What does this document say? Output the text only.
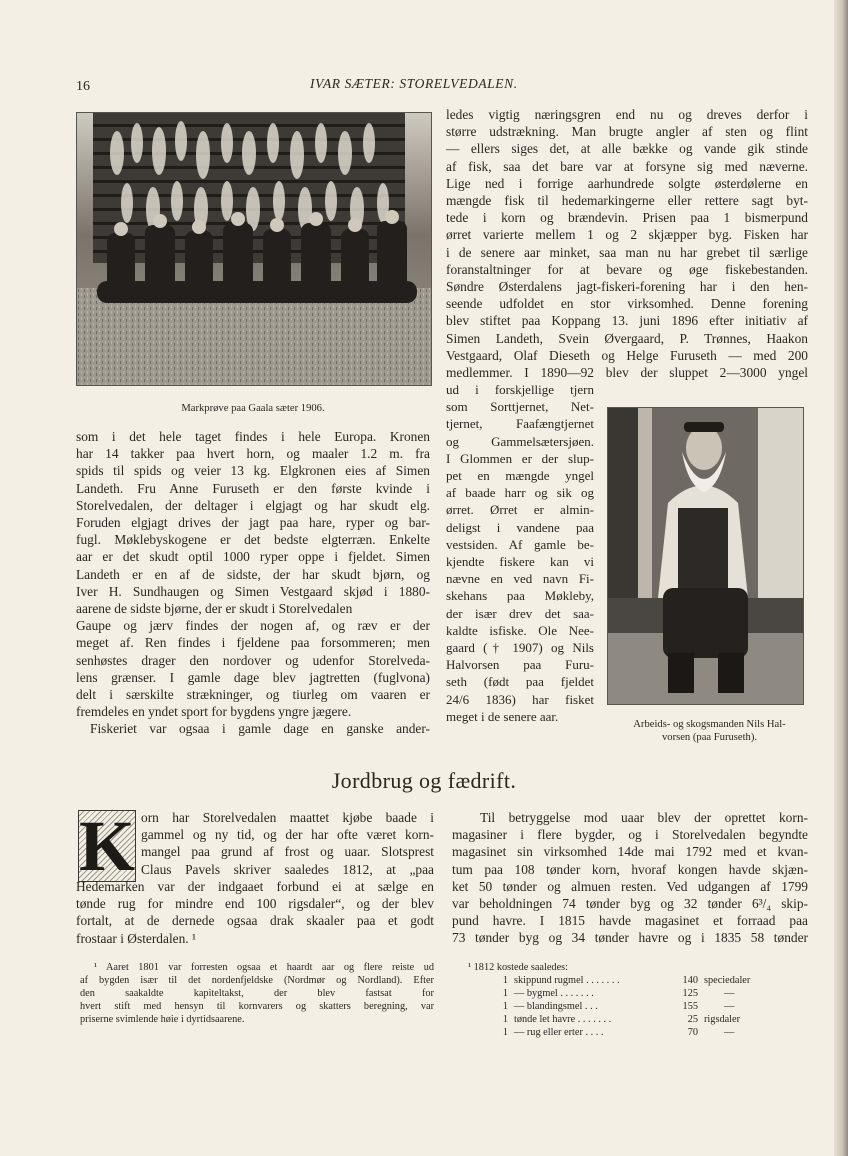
16	IVAR SÆTER: STORELVEDALEN.
Markprøve paa Gaala sæter 1906.
som i det hele taget findes i hele Europa. Kronen
har 14 takker paa hvert horn, og maaler 1.2 m. fra
spids til spids og veier 13 kg. Elgkronen eies af Simen
Landeth. Fru Anne Furuseth er den første kvinde i
Storelvedalen, der deltager i elgjagt og har skudt elg.
Foruden elgjagt drives der jagt paa hare, ryper og bar-
fugl. Møklebyskogene er det bedste elgterræn. Enkelte
aar er det skudt optil 1000 ryper oppe i fjeldet. Simen
Landeth er en af de sidste, der har skudt bjørn, og
Iver H. Sundhaugen og Simen Vestgaard skjød i 1880-
aarene de sidste bjørne, der er skudt i Storelvedalen
Gaupe og jærv findes der nogen af, og ræv er der
meget af. Ren findes i fjeldene paa forsommeren; men
senhøstes drager den nordover og udenfor Storelveda-
lens grænser. I gamle dage blev jagtretten (fuglvona)
delt i særskilte strækninger, og tiurleg om vaaren er
fremdeles en yndet sport for bygdens yngre jægere.
Fiskeriet var ogsaa i gamle dage en ganske ander-
ledes vigtig næringsgren end nu og dreves derfor i
større udstrækning. Man brugte angler af sten og flint
— ellers siges det, at alle bække og vande gik stinde
af fisk, saa det bare var at forsyne sig med næverne.
Lige ned i forrige aarhundrede solgte østerdølerne en
mængde fisk til hedemarkingerne eller rettere sagt byt-
tede i korn og brændevin. Prisen paa 1 bismerpund
ørret varierte mellem 1 og 2 skjæpper byg. Fisken har
i de senere aar minket, saa man nu har grebet til særlige
foranstaltninger for at bevare og øge fiskebestanden.
Søndre Østerdalens jagt-fiskeri-forening har i den hen-
seende udfoldet en stor virksomhed. Denne forening
blev stiftet paa Koppang 13. juni 1896 efter initiativ af
Simen Landeth, Svein Øvergaard, P. Trønnes, Haakon
Vestgaard, Olaf Dieseth og Helge Furuseth — med 200
medlemmer. I 1890—92 blev der sluppet 2—3000 yngel
ud i forskjellige tjern
som Sorttjernet, Net-
tjernet, Faafængtjernet
og Gammelsætersjøen.
I Glommen er der slup-
pet en mængde yngel
af baade harr og sik og
ørret. Ørret er almin-
deligst i vandene paa
vestsiden. Af gamle be-
kjendte fiskere kan vi
nævne en ved navn Fi-
skehans paa Møkleby,
der især drev det saa-
kaldte isfiske. Ole Nee-
gaard († 1907) og Nils
Halvorsen paa Furu-
seth (født paa fjeldet
24/6 1836) har fisket
meget i de senere aar.
Arbeids- og skogsmanden Nils Hal-
vorsen (paa Furuseth).
Jordbrug og fædrift.
K orn har Storelvedalen maattet kjøbe baade i
gammel og ny tid, og der har ofte været korn-
mangel paa grund af frost og uaar. Slotsprest
Claus Pavels skriver saaledes 1812, at „paa
Hedemarken var der indgaaet forbund ei at sælge en
tønde rug for mindre end 100 rigsdaler“, og der blev
fortalt, at de dernede ogsaa drak skaaler paa et godt
frostaar i Østerdalen. ¹
¹ Aaret 1801 var forresten ogsaa et haardt aar og flere reiste ud
af bygden især til det nordenfjeldske (Nordmør og Nordland). Efter
den saakaldte kapiteltakst, der blev fastsat for
hvert stift med hensyn til kornvarers og skatters beregning, var
priserne svimlende høie i dyrtidsaarene.
Til betryggelse mod uaar blev der oprettet korn-
magasiner i flere bygder, og i Storelvedalen begyndte
magasinet sin virksomhed 14de mai 1792 med et kvan-
tum paa 108 tønder korn, hvoraf kongen havde skjæn-
ket 50 tønder og almuen resten. Ved udgangen af 1799
var beholdningen 74 tønder byg og 32 tønder 6³/₄ skip-
pund havre. I 1815 havde magasinet et forraad paa
73 tønder byg og 34 tønder havre og i 1835 58 tønder
¹ 1812 kostede saaledes:
1 skippund rugmel . . . . . . .	140 speciedaler
1 — bygmel . . . . . . .	125	—
1 — blandingsmel . . .	155	—
1 tønde let havre . . . . . . .	25 rigsdaler
1 — rug eller erter . . . .	70	—
